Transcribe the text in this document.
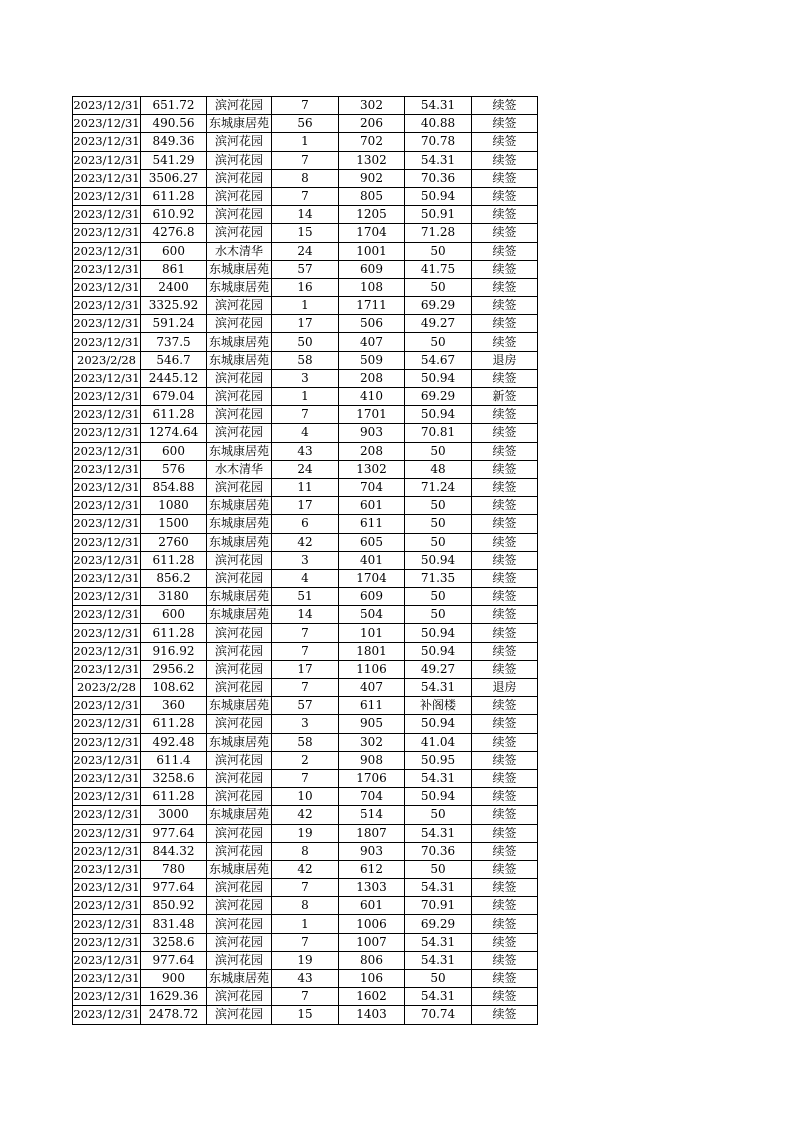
2023/12/31	651.72	滨河花园	7	302	54.31	续签
2023/12/31	490.56	东城康居苑	56	206	40.88	续签
2023/12/31	849.36	滨河花园	1	702	70.78	续签
2023/12/31	541.29	滨河花园	7	1302	54.31	续签
2023/12/31	3506.27	滨河花园	8	902	70.36	续签
2023/12/31	611.28	滨河花园	7	805	50.94	续签
2023/12/31	610.92	滨河花园	14	1205	50.91	续签
2023/12/31	4276.8	滨河花园	15	1704	71.28	续签
2023/12/31	600	水木清华	24	1001	50	续签
2023/12/31	861	东城康居苑	57	609	41.75	续签
2023/12/31	2400	东城康居苑	16	108	50	续签
2023/12/31	3325.92	滨河花园	1	1711	69.29	续签
2023/12/31	591.24	滨河花园	17	506	49.27	续签
2023/12/31	737.5	东城康居苑	50	407	50	续签
2023/2/28	546.7	东城康居苑	58	509	54.67	退房
2023/12/31	2445.12	滨河花园	3	208	50.94	续签
2023/12/31	679.04	滨河花园	1	410	69.29	新签
2023/12/31	611.28	滨河花园	7	1701	50.94	续签
2023/12/31	1274.64	滨河花园	4	903	70.81	续签
2023/12/31	600	东城康居苑	43	208	50	续签
2023/12/31	576	水木清华	24	1302	48	续签
2023/12/31	854.88	滨河花园	11	704	71.24	续签
2023/12/31	1080	东城康居苑	17	601	50	续签
2023/12/31	1500	东城康居苑	6	611	50	续签
2023/12/31	2760	东城康居苑	42	605	50	续签
2023/12/31	611.28	滨河花园	3	401	50.94	续签
2023/12/31	856.2	滨河花园	4	1704	71.35	续签
2023/12/31	3180	东城康居苑	51	609	50	续签
2023/12/31	600	东城康居苑	14	504	50	续签
2023/12/31	611.28	滨河花园	7	101	50.94	续签
2023/12/31	916.92	滨河花园	7	1801	50.94	续签
2023/12/31	2956.2	滨河花园	17	1106	49.27	续签
2023/2/28	108.62	滨河花园	7	407	54.31	退房
2023/12/31	360	东城康居苑	57	611	补阁楼	续签
2023/12/31	611.28	滨河花园	3	905	50.94	续签
2023/12/31	492.48	东城康居苑	58	302	41.04	续签
2023/12/31	611.4	滨河花园	2	908	50.95	续签
2023/12/31	3258.6	滨河花园	7	1706	54.31	续签
2023/12/31	611.28	滨河花园	10	704	50.94	续签
2023/12/31	3000	东城康居苑	42	514	50	续签
2023/12/31	977.64	滨河花园	19	1807	54.31	续签
2023/12/31	844.32	滨河花园	8	903	70.36	续签
2023/12/31	780	东城康居苑	42	612	50	续签
2023/12/31	977.64	滨河花园	7	1303	54.31	续签
2023/12/31	850.92	滨河花园	8	601	70.91	续签
2023/12/31	831.48	滨河花园	1	1006	69.29	续签
2023/12/31	3258.6	滨河花园	7	1007	54.31	续签
2023/12/31	977.64	滨河花园	19	806	54.31	续签
2023/12/31	900	东城康居苑	43	106	50	续签
2023/12/31	1629.36	滨河花园	7	1602	54.31	续签
2023/12/31	2478.72	滨河花园	15	1403	70.74	续签
